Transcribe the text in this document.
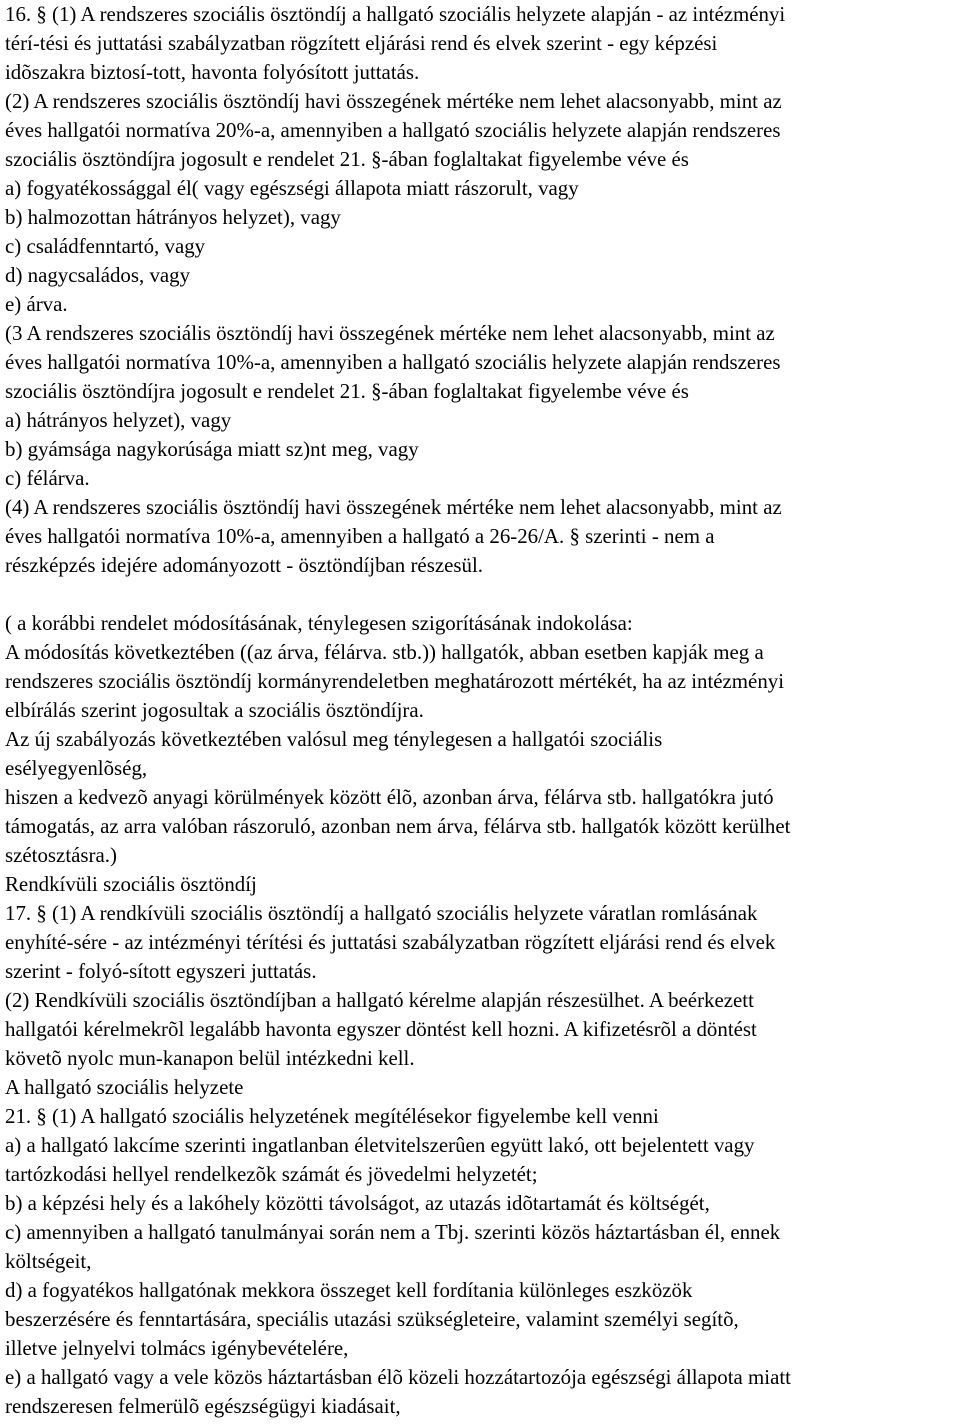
16. § (1) A rendszeres szociális ösztöndíj a hallgató szociális helyzete alapján - az intézményi
térí-tési és juttatási szabályzatban rögzített eljárási rend és elvek szerint - egy képzési
idõszakra biztosí-tott, havonta folyósított juttatás.
(2) A rendszeres szociális ösztöndíj havi összegének mértéke nem lehet alacsonyabb, mint az
éves hallgatói normatíva 20%-a, amennyiben a hallgató szociális helyzete alapján rendszeres
szociális ösztöndíjra jogosult e rendelet 21. §-ában foglaltakat figyelembe véve és
a) fogyatékossággal él( vagy egészségi állapota miatt rászorult, vagy
b) halmozottan hátrányos helyzet), vagy
c) családfenntartó, vagy
d) nagycsaládos, vagy
e) árva.
(3 A rendszeres szociális ösztöndíj havi összegének mértéke nem lehet alacsonyabb, mint az
éves hallgatói normatíva 10%-a, amennyiben a hallgató szociális helyzete alapján rendszeres
szociális ösztöndíjra jogosult e rendelet 21. §-ában foglaltakat figyelembe véve és
a) hátrányos helyzet), vagy
b) gyámsága nagykorúsága miatt sz)nt meg, vagy
c) félárva.
(4) A rendszeres szociális ösztöndíj havi összegének mértéke nem lehet alacsonyabb, mint az
éves hallgatói normatíva 10%-a, amennyiben a hallgató a 26-26/A. § szerinti - nem a
részképzés idejére adományozott - ösztöndíjban részesül.

( a korábbi rendelet módosításának, ténylegesen szigorításának indokolása:
A módosítás következtében ((az árva, félárva. stb.)) hallgatók, abban esetben kapják meg a
rendszeres szociális ösztöndíj kormányrendeletben meghatározott mértékét, ha az intézményi
elbírálás szerint jogosultak a szociális ösztöndíjra.
Az új szabályozás következtében valósul meg ténylegesen a hallgatói szociális
esélyegyenlõség,
hiszen a kedvezõ anyagi körülmények között élõ, azonban árva, félárva stb. hallgatókra jutó
támogatás, az arra valóban rászoruló, azonban nem árva, félárva stb. hallgatók között kerülhet
szétosztásra.)
Rendkívüli szociális ösztöndíj
17. § (1) A rendkívüli szociális ösztöndíj a hallgató szociális helyzete váratlan romlásának
enyhíté-sére - az intézményi térítési és juttatási szabályzatban rögzített eljárási rend és elvek
szerint - folyó-sított egyszeri juttatás.
(2) Rendkívüli szociális ösztöndíjban a hallgató kérelme alapján részesülhet. A beérkezett
hallgatói kérelmekrõl legalább havonta egyszer döntést kell hozni. A kifizetésrõl a döntést
követõ nyolc mun-kanapon belül intézkedni kell.
A hallgató szociális helyzete
21. § (1) A hallgató szociális helyzetének megítélésekor figyelembe kell venni
a) a hallgató lakcíme szerinti ingatlanban életvitelszerûen együtt lakó, ott bejelentett vagy
tartózkodási hellyel rendelkezõk számát és jövedelmi helyzetét;
b) a képzési hely és a lakóhely közötti távolságot, az utazás idõtartamát és költségét,
c) amennyiben a hallgató tanulmányai során nem a Tbj. szerinti közös háztartásban él, ennek
költségeit,
d) a fogyatékos hallgatónak mekkora összeget kell fordítania különleges eszközök
beszerzésére és fenntartására, speciális utazási szükségleteire, valamint személyi segítõ,
illetve jelnyelvi tolmács igénybevételére,
e) a hallgató vagy a vele közös háztartásban élõ közeli hozzátartozója egészségi állapota miatt
rendszeresen felmerülõ egészségügyi kiadásait,
